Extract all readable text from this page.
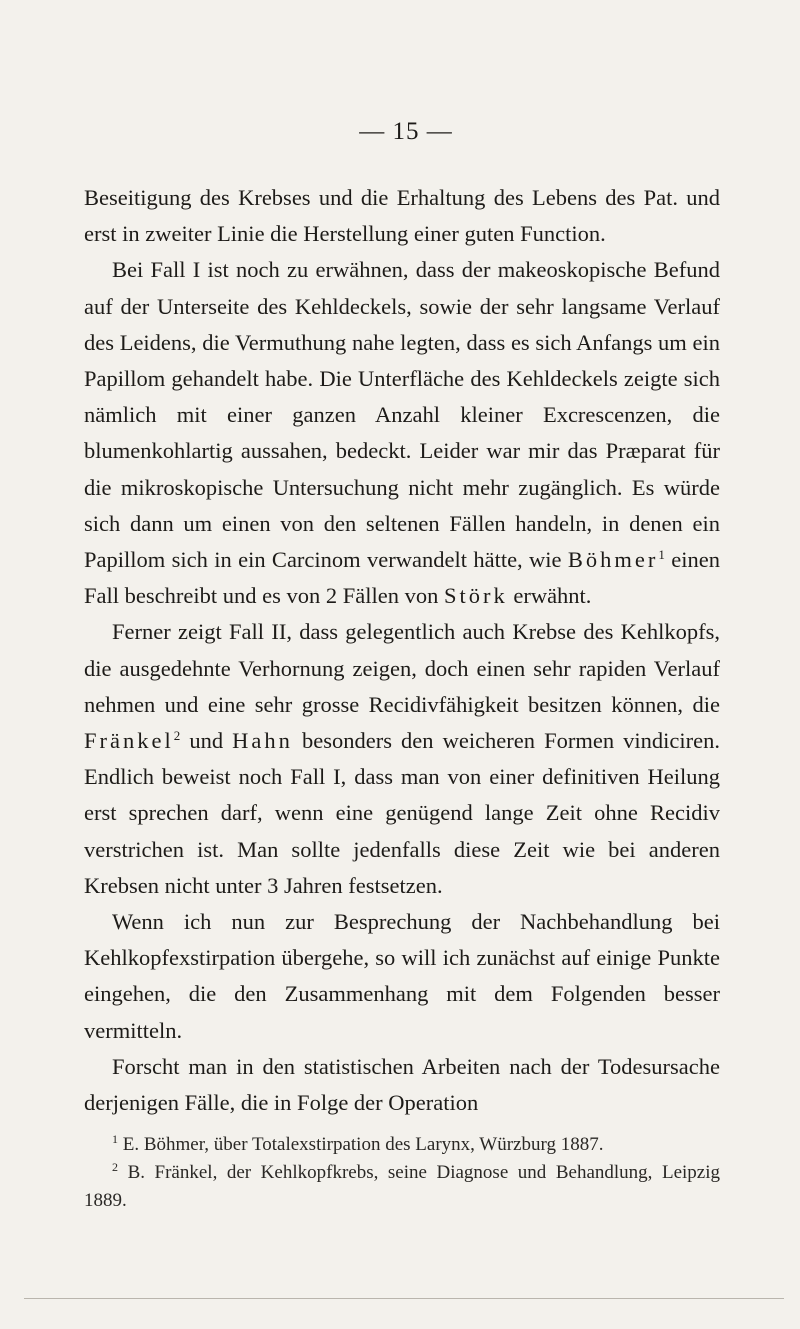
— 15 —

Beseitigung des Krebses und die Erhaltung des Lebens des Pat. und erst in zweiter Linie die Herstellung einer guten Function.

Bei Fall I ist noch zu erwähnen, dass der makeoskopische Befund auf der Unterseite des Kehldeckels, sowie der sehr langsame Verlauf des Leidens, die Vermuthung nahe legten, dass es sich Anfangs um ein Papillom gehandelt habe. Die Unterfläche des Kehldeckels zeigte sich nämlich mit einer ganzen Anzahl kleiner Excrescenzen, die blumenkohlartig aussahen, bedeckt. Leider war mir das Præparat für die mikroskopische Untersuchung nicht mehr zugänglich. Es würde sich dann um einen von den seltenen Fällen handeln, in denen ein Papillom sich in ein Carcinom verwandelt hätte, wie Böhmer$^1$ einen Fall beschreibt und es von 2 Fällen von Störk erwähnt.

Ferner zeigt Fall II, dass gelegentlich auch Krebse des Kehlkopfs, die ausgedehnte Verhornung zeigen, doch einen sehr rapiden Verlauf nehmen und eine sehr grosse Recidivfähigkeit besitzen können, die Fränkel$^2$ und Hahn besonders den weicheren Formen vindiciren. Endlich beweist noch Fall I, dass man von einer definitiven Heilung erst sprechen darf, wenn eine genügend lange Zeit ohne Recidiv verstrichen ist. Man sollte jedenfalls diese Zeit wie bei anderen Krebsen nicht unter 3 Jahren festsetzen.

Wenn ich nun zur Besprechung der Nachbehandlung bei Kehlkopfexstirpation übergehe, so will ich zunächst auf einige Punkte eingehen, die den Zusammenhang mit dem Folgenden besser vermitteln.

Forscht man in den statistischen Arbeiten nach der Todesursache derjenigen Fälle, die in Folge der Operation

$^1$ E. Böhmer, über Totalexstirpation des Larynx, Würzburg 1887.

$^2$ B. Fränkel, der Kehlkopfkrebs, seine Diagnose und Behandlung, Leipzig 1889.
